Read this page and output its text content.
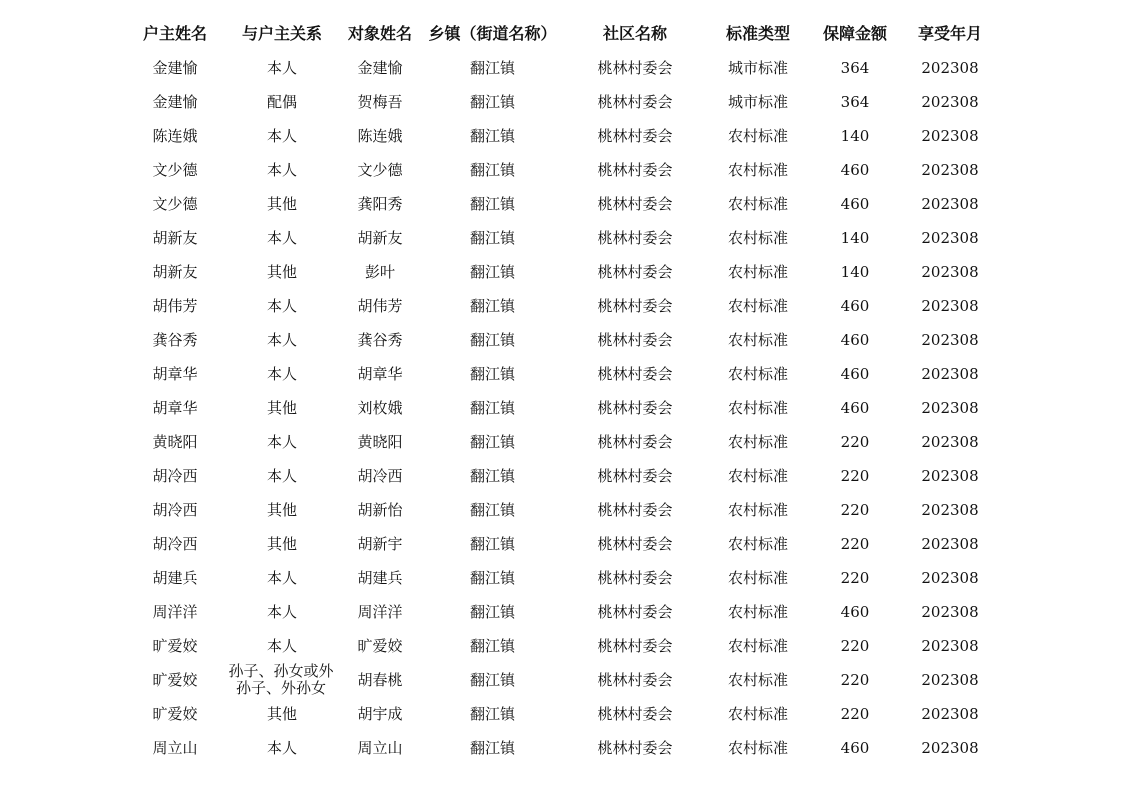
户主姓名	与户主关系	对象姓名	乡镇（街道名称）	社区名称	标准类型	保障金额	享受年月
金建愉	本人	金建愉	翻江镇	桃林村委会	城市标准	364	202308
金建愉	配偶	贺梅吾	翻江镇	桃林村委会	城市标准	364	202308
陈连娥	本人	陈连娥	翻江镇	桃林村委会	农村标准	140	202308
文少德	本人	文少德	翻江镇	桃林村委会	农村标准	460	202308
文少德	其他	龚阳秀	翻江镇	桃林村委会	农村标准	460	202308
胡新友	本人	胡新友	翻江镇	桃林村委会	农村标准	140	202308
胡新友	其他	彭叶	翻江镇	桃林村委会	农村标准	140	202308
胡伟芳	本人	胡伟芳	翻江镇	桃林村委会	农村标准	460	202308
龚谷秀	本人	龚谷秀	翻江镇	桃林村委会	农村标准	460	202308
胡章华	本人	胡章华	翻江镇	桃林村委会	农村标准	460	202308
胡章华	其他	刘枚娥	翻江镇	桃林村委会	农村标准	460	202308
黄晓阳	本人	黄晓阳	翻江镇	桃林村委会	农村标准	220	202308
胡冷西	本人	胡冷西	翻江镇	桃林村委会	农村标准	220	202308
胡冷西	其他	胡新怡	翻江镇	桃林村委会	农村标准	220	202308
胡冷西	其他	胡新宇	翻江镇	桃林村委会	农村标准	220	202308
胡建兵	本人	胡建兵	翻江镇	桃林村委会	农村标准	220	202308
周洋洋	本人	周洋洋	翻江镇	桃林村委会	农村标准	460	202308
旷爱姣	本人	旷爱姣	翻江镇	桃林村委会	农村标准	220	202308
旷爱姣	孙子、孙女或外孙子、外孙女	胡春桃	翻江镇	桃林村委会	农村标准	220	202308
旷爱姣	其他	胡宇成	翻江镇	桃林村委会	农村标准	220	202308
周立山	本人	周立山	翻江镇	桃林村委会	农村标准	460	202308
